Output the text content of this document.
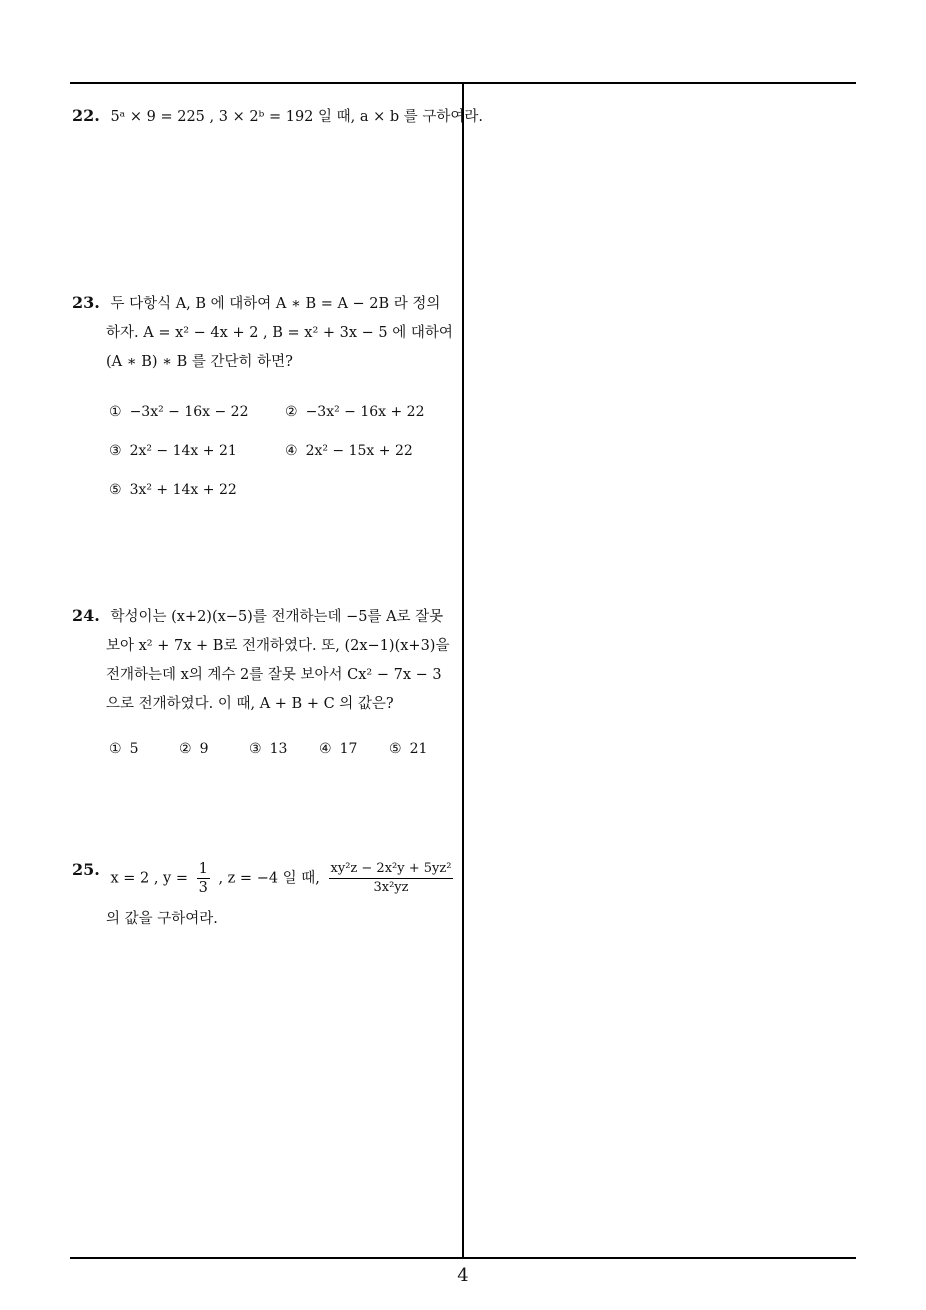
22. 5ᵃ × 9 = 225 , 3 × 2ᵇ = 192 일 때, a × b 를 구하여라.
23. 두 다항식 A, B 에 대하여 A ∗ B = A − 2B 라 정의
하자. A = x² − 4x + 2 , B = x² + 3x − 5 에 대하여
(A ∗ B) ∗ B 를 간단히 하면?
① −3x² − 16x − 22	② −3x² − 16x + 22
③ 2x² − 14x + 21	④ 2x² − 15x + 22
⑤ 3x² + 14x + 22
24. 학성이는 (x+2)(x−5)를 전개하는데 −5를 A로 잘못
보아 x² + 7x + B로 전개하였다. 또, (2x−1)(x+3)을
전개하는데 x의 계수 2를 잘못 보아서 Cx² − 7x − 3
으로 전개하였다. 이 때, A + B + C 의 값은?
① 5	② 9	③ 13 ④ 17 ⑤ 21
25. x = 2 , $y = \frac{1}{3}$ , z = −4 일 때, $\frac{\text{xy²z − 2x²y + 5yz²}}{\text{3x²yz}}$
의 값을 구하여라.
4
